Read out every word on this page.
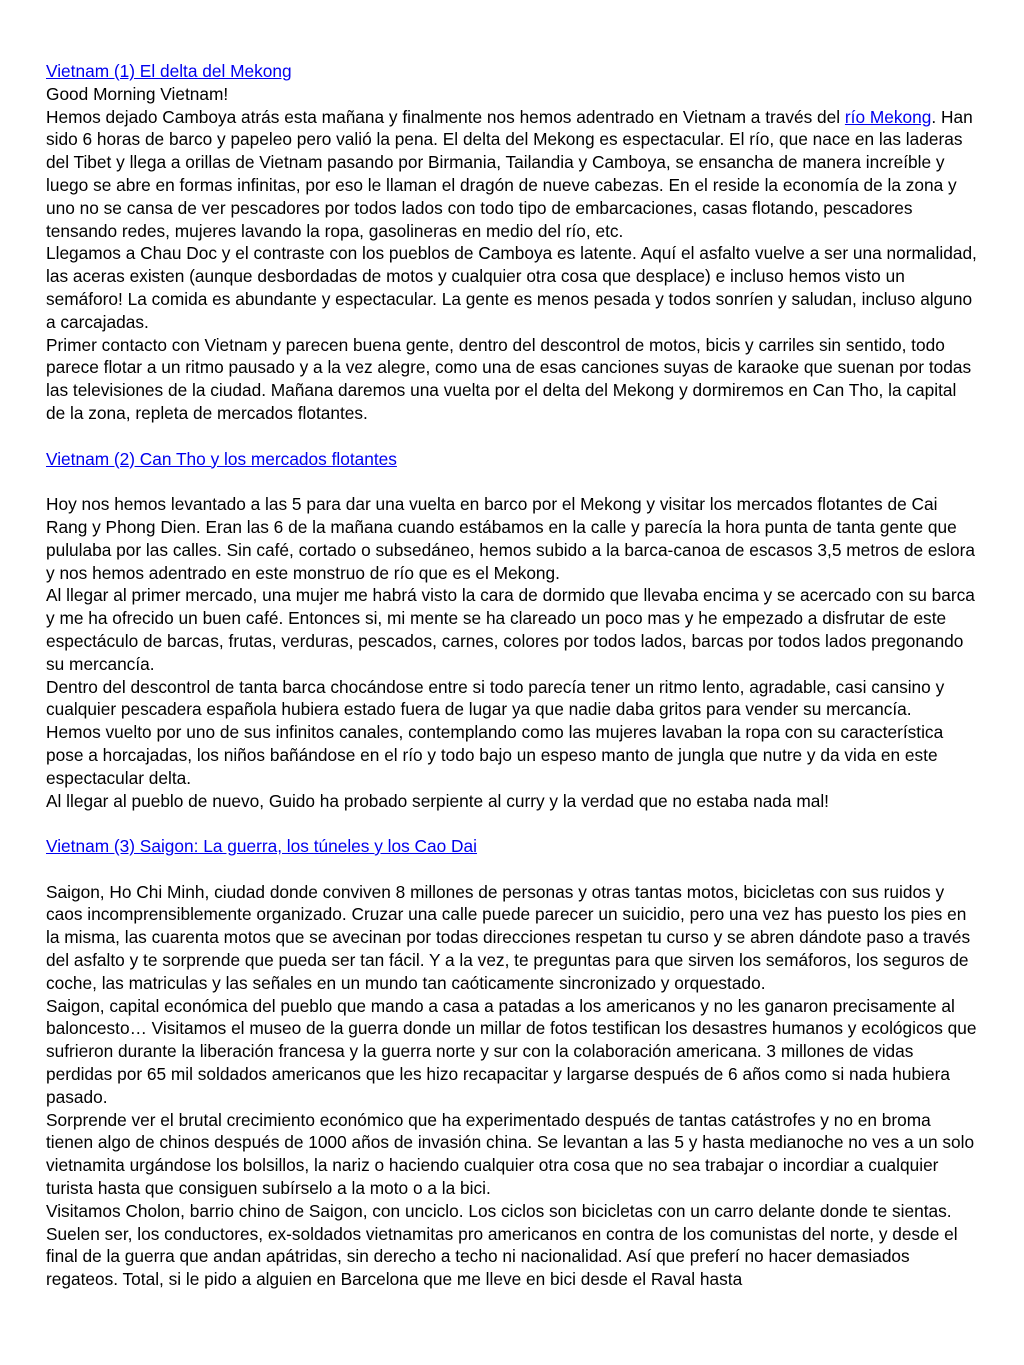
Vietnam (1) El delta del Mekong

Good Morning Vietnam!

Hemos dejado Camboya atrás esta mañana y finalmente nos hemos adentrado en Vietnam a través del río Mekong. Han sido 6 horas de barco y papeleo pero valió la pena. El delta del Mekong es espectacular. El río, que nace en las laderas del Tibet y llega a orillas de Vietnam pasando por Birmania, Tailandia y Camboya, se ensancha de manera increíble y luego se abre en formas infinitas, por eso le llaman el dragón de nueve cabezas. En el reside la economía de la zona y uno no se cansa de ver pescadores por todos lados con todo tipo de embarcaciones, casas flotando, pescadores tensando redes, mujeres lavando la ropa, gasolineras en medio del río, etc.

Llegamos a Chau Doc y el contraste con los pueblos de Camboya es latente. Aquí el asfalto vuelve a ser una normalidad, las aceras existen (aunque desbordadas de motos y cualquier otra cosa que desplace) e incluso hemos visto un semáforo! La comida es abundante y espectacular. La gente es menos pesada y todos sonríen y saludan, incluso alguno a carcajadas.

Primer contacto con Vietnam y parecen buena gente, dentro del descontrol de motos, bicis y carriles sin sentido, todo parece flotar a un ritmo pausado y a la vez alegre, como una de esas canciones suyas de karaoke que suenan por todas las televisiones de la ciudad. Mañana daremos una vuelta por el delta del Mekong y dormiremos en Can Tho, la capital de la zona, repleta de mercados flotantes.

Vietnam (2) Can Tho y los mercados flotantes

Hoy nos hemos levantado a las 5 para dar una vuelta en barco por el Mekong y visitar los mercados flotantes de Cai Rang y Phong Dien. Eran las 6 de la mañana cuando estábamos en la calle y parecía la hora punta de tanta gente que pululaba por las calles. Sin café, cortado o subsedáneo, hemos subido a la barca-canoa de escasos 3,5 metros de eslora y nos hemos adentrado en este monstruo de río que es el Mekong.

Al llegar al primer mercado, una mujer me habrá visto la cara de dormido que llevaba encima y se acercado con su barca y me ha ofrecido un buen café. Entonces si, mi mente se ha clareado un poco mas y he empezado a disfrutar de este espectáculo de barcas, frutas, verduras, pescados, carnes, colores por todos lados, barcas por todos lados pregonando su mercancía.

Dentro del descontrol de tanta barca chocándose entre si todo parecía tener un ritmo lento, agradable, casi cansino y cualquier pescadera española hubiera estado fuera de lugar ya que nadie daba gritos para vender su mercancía.

Hemos vuelto por uno de sus infinitos canales, contemplando como las mujeres lavaban la ropa con su característica pose a horcajadas, los niños bañándose en el río y todo bajo un espeso manto de jungla que nutre y da vida en este espectacular delta.

Al llegar al pueblo de nuevo, Guido ha probado serpiente al curry y la verdad que no estaba nada mal!

Vietnam (3) Saigon: La guerra, los túneles y los Cao Dai

Saigon, Ho Chi Minh, ciudad donde conviven 8 millones de personas y otras tantas motos, bicicletas con sus ruidos y caos incomprensiblemente organizado. Cruzar una calle puede parecer un suicidio, pero una vez has puesto los pies en la misma, las cuarenta motos que se avecinan por todas direcciones respetan tu curso y se abren dándote paso a través del asfalto y te sorprende que pueda ser tan fácil. Y a la vez, te preguntas para que sirven los semáforos, los seguros de coche, las matriculas y las señales en un mundo tan caóticamente sincronizado y orquestado.

Saigon, capital económica del pueblo que mando a casa a patadas a los americanos y no les ganaron precisamente al baloncesto… Visitamos el museo de la guerra donde un millar de fotos testifican los desastres humanos y ecológicos que sufrieron durante la liberación francesa y la guerra norte y sur con la colaboración americana. 3 millones de vidas perdidas por 65 mil soldados americanos que les hizo recapacitar y largarse después de 6 años como si nada hubiera pasado.

Sorprende ver el brutal crecimiento económico que ha experimentado después de tantas catástrofes y no en broma tienen algo de chinos después de 1000 años de invasión china. Se levantan a las 5 y hasta medianoche no ves a un solo vietnamita urgándose los bolsillos, la nariz o haciendo cualquier otra cosa que no sea trabajar o incordiar a cualquier turista hasta que consiguen subírselo a la moto o a la bici.

Visitamos Cholon, barrio chino de Saigon, con unciclo. Los ciclos son bicicletas con un carro delante donde te sientas. Suelen ser, los conductores, ex-soldados vietnamitas pro americanos en contra de los comunistas del norte, y desde el final de la guerra que andan apátridas, sin derecho a techo ni nacionalidad. Así que preferí no hacer demasiados regateos. Total, si le pido a alguien en Barcelona que me lleve en bici desde el Raval hasta
